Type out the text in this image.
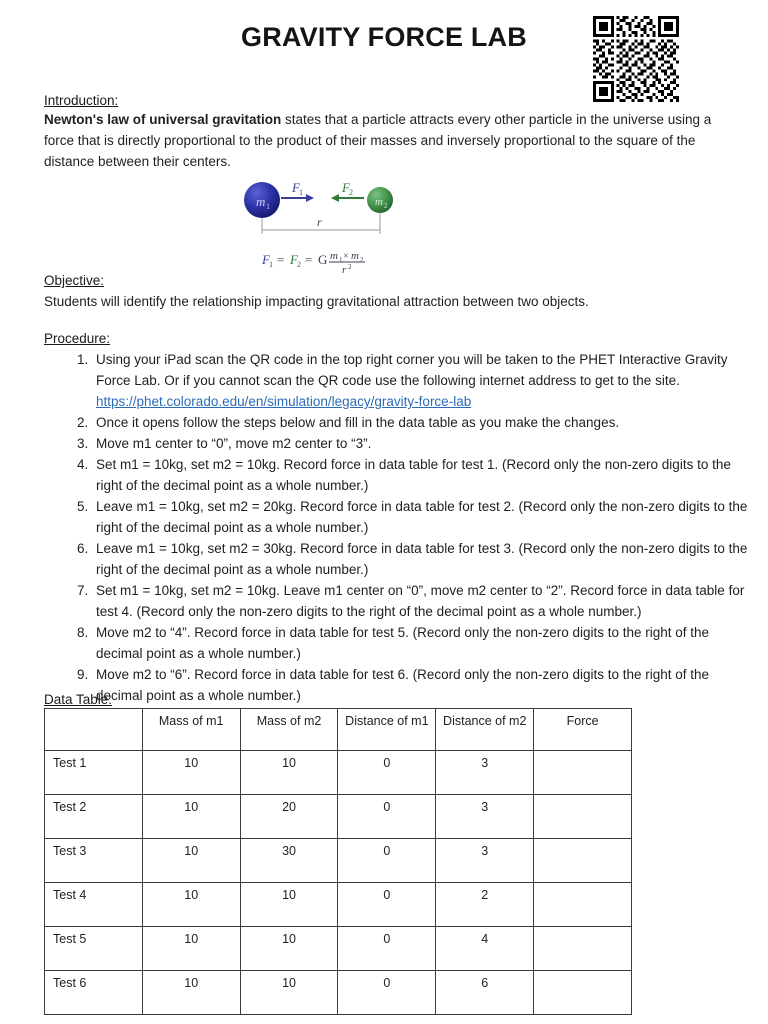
GRAVITY FORCE LAB
Introduction:
Newton's law of universal gravitation states that a particle attracts every other particle in the universe using a force that is directly proportional to the product of their masses and inversely proportional to the square of the distance between their centers.
m 1	m 2
F 1	F 2
r
F 1 = F 2 = G m 1 × m 2
r 2
Objective:
Students will identify the relationship impacting gravitational attraction between two objects.
Procedure:
1. Using your iPad scan the QR code in the top right corner you will be taken to the PHET Interactive Gravity Force Lab. Or if you cannot scan the QR code use the following internet address to get to the site. https://phet.colorado.edu/en/simulation/legacy/gravity-force-lab
2. Once it opens follow the steps below and fill in the data table as you make the changes.
3. Move m1 center to “0”, move m2 center to “3”.
4. Set m1 = 10kg, set m2 = 10kg. Record force in data table for test 1. (Record only the non-zero digits to the right of the decimal point as a whole number.)
5. Leave m1 = 10kg, set m2 = 20kg. Record force in data table for test 2. (Record only the non-zero digits to the right of the decimal point as a whole number.)
6. Leave m1 = 10kg, set m2 = 30kg. Record force in data table for test 3. (Record only the non-zero digits to the right of the decimal point as a whole number.)
7. Set m1 = 10kg, set m2 = 10kg. Leave m1 center on “0”, move m2 center to “2”. Record force in data table for test 4. (Record only the non-zero digits to the right of the decimal point as a whole number.)
8. Move m2 to “4”. Record force in data table for test 5. (Record only the non-zero digits to the right of the decimal point as a whole number.)
9. Move m2 to “6”. Record force in data table for test 6. (Record only the non-zero digits to the right of the decimal point as a whole number.)
Data Table:
	Mass of m1	Mass of m2	Distance of m1	Distance of m2	Force
Test 1	10	10	0	3	
Test 2	10	20	0	3	
Test 3	10	30	0	3	
Test 4	10	10	0	2	
Test 5	10	10	0	4	
Test 6	10	10	0	6	
